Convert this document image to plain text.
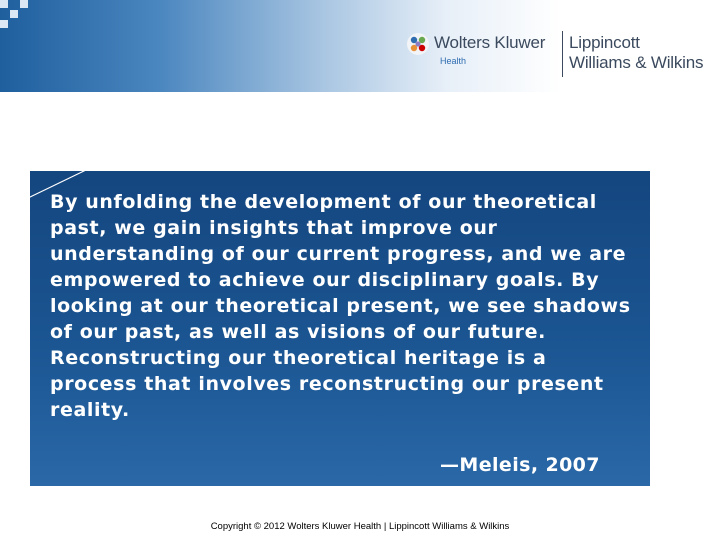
Wolters Kluwer
Health
Lippincott
Williams & Wilkins
By unfolding the development of our theoretical past, we gain insights that improve our understanding of our current progress, and we are empowered to achieve our disciplinary goals. By looking at our theoretical present, we see shadows of our past, as well as visions of our future. Reconstructing our theoretical heritage is a process that involves reconstructing our present reality.
—Meleis, 2007
Copyright © 2012 Wolters Kluwer Health | Lippincott Williams & Wilkins
